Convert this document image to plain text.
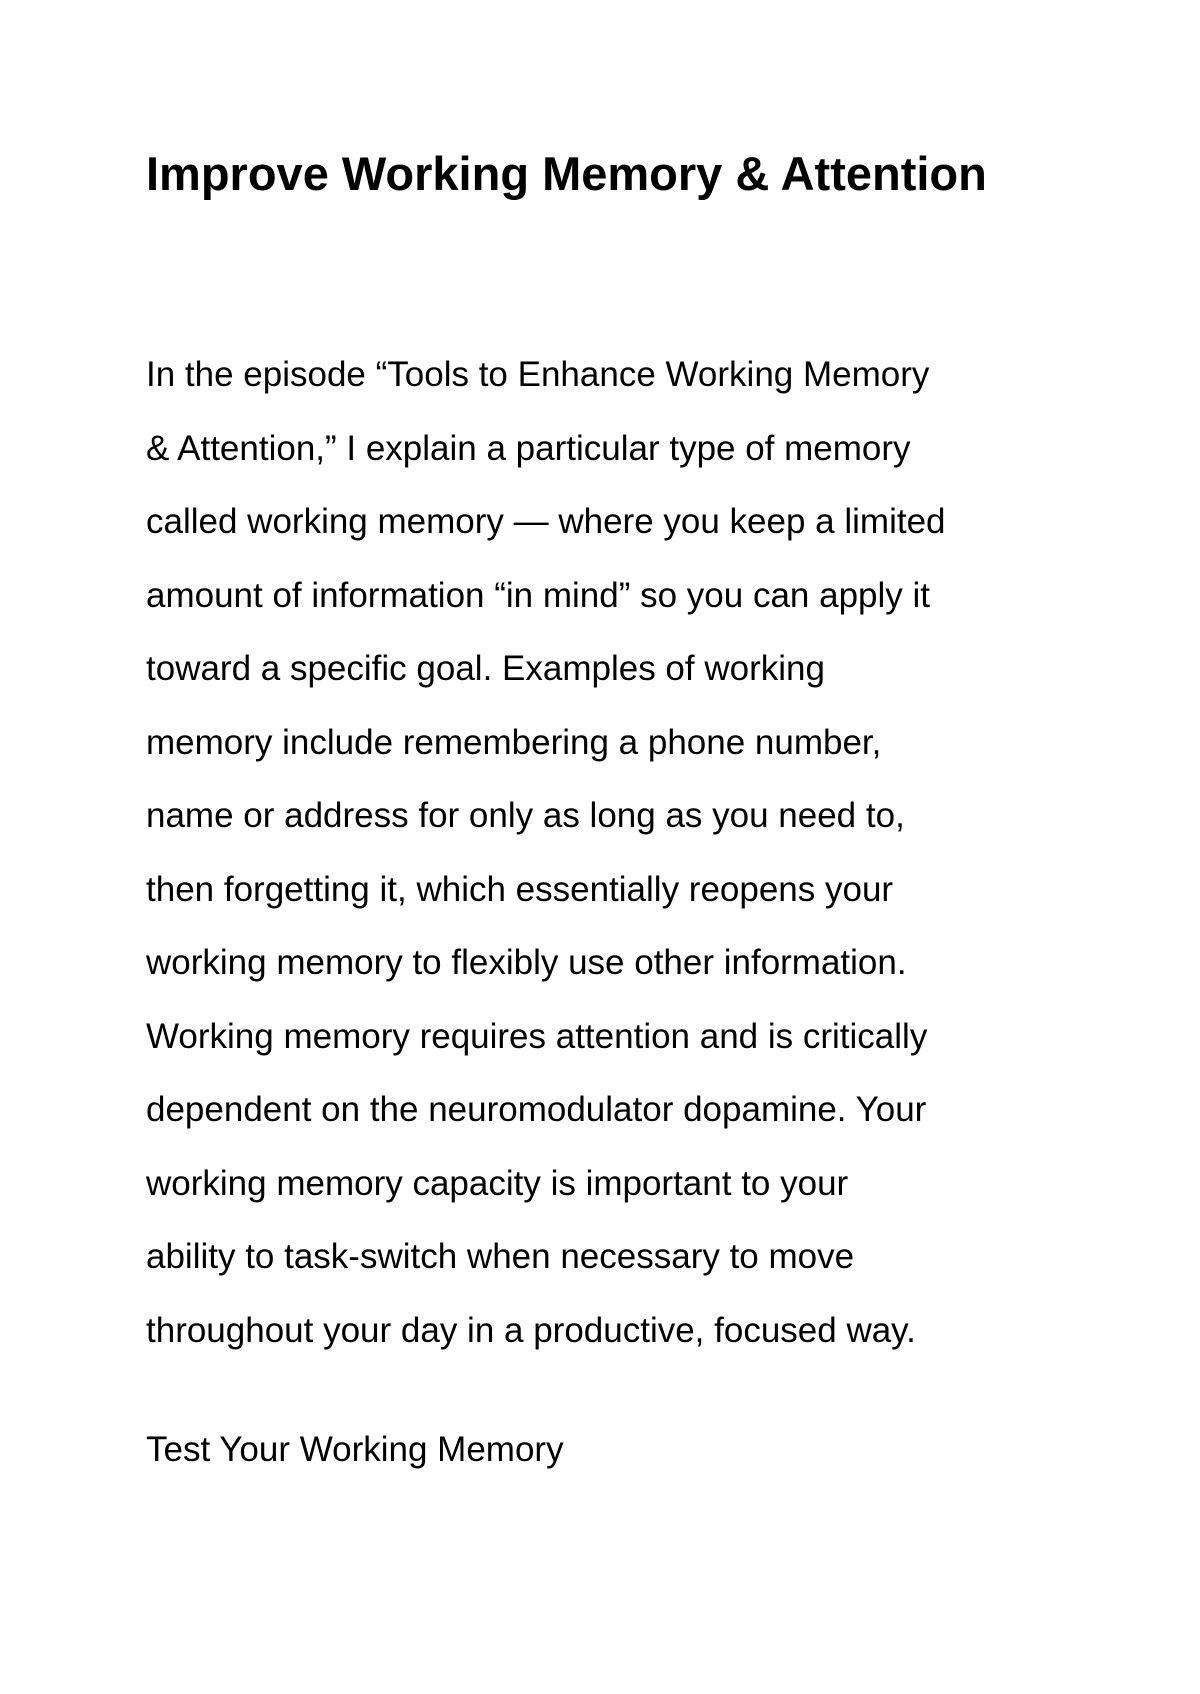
Improve Working Memory & Attention

In the episode “Tools to Enhance Working Memory
& Attention,” I explain a particular type of memory
called working memory — where you keep a limited
amount of information “in mind” so you can apply it
toward a specific goal. Examples of working
memory include remembering a phone number,
name or address for only as long as you need to,
then forgetting it, which essentially reopens your
working memory to flexibly use other information.
Working memory requires attention and is critically
dependent on the neuromodulator dopamine. Your
working memory capacity is important to your
ability to task-switch when necessary to move
throughout your day in a productive, focused way.

Test Your Working Memory
